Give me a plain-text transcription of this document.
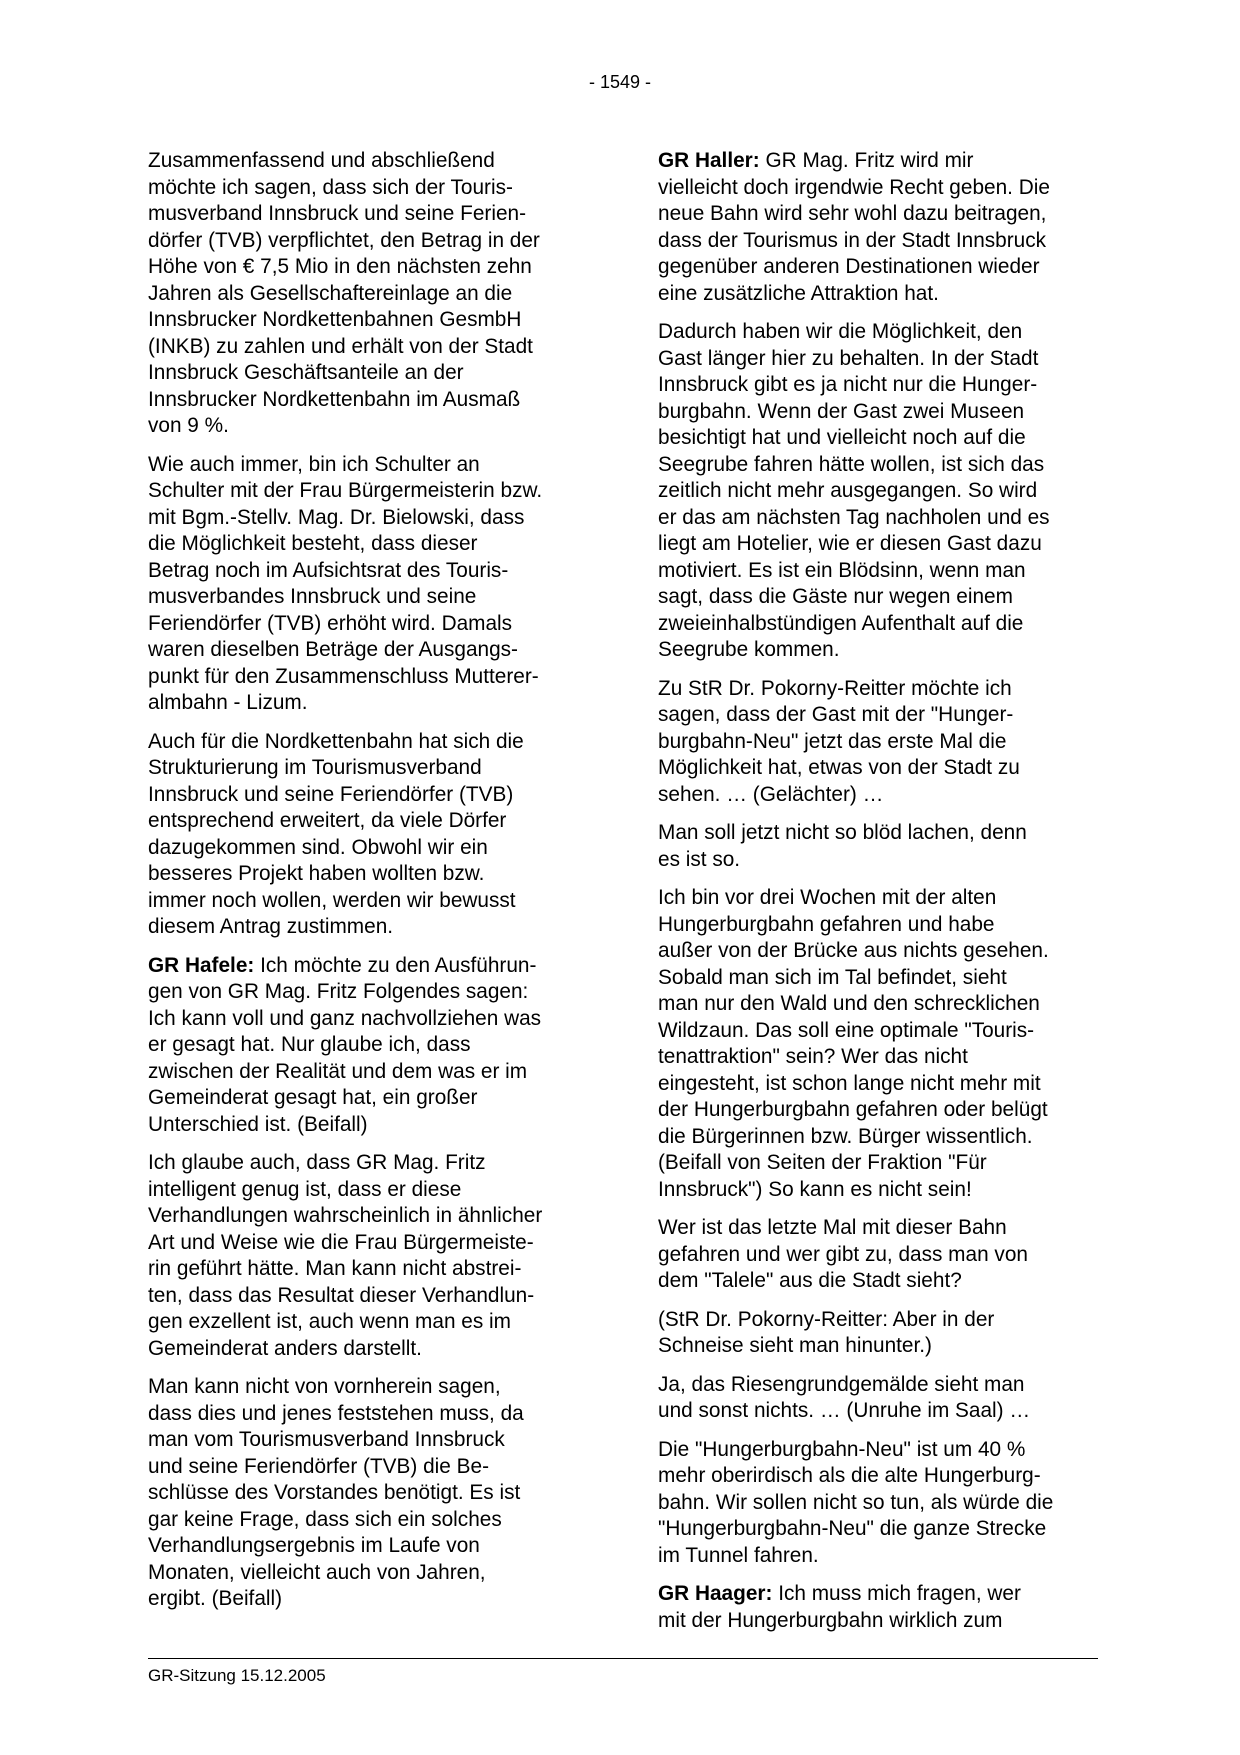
- 1549 -

Zusammenfassend und abschließend
möchte ich sagen, dass sich der Touris-
musverband Innsbruck und seine Ferien-
dörfer (TVB) verpflichtet, den Betrag in der
Höhe von € 7,5 Mio in den nächsten zehn
Jahren als Gesellschaftereinlage an die
Innsbrucker Nordkettenbahnen GesmbH
(INKB) zu zahlen und erhält von der Stadt
Innsbruck Geschäftsanteile an der
Innsbrucker Nordkettenbahn im Ausmaß
von 9 %.

Wie auch immer, bin ich Schulter an
Schulter mit der Frau Bürgermeisterin bzw.
mit Bgm.-Stellv. Mag. Dr. Bielowski, dass
die Möglichkeit besteht, dass dieser
Betrag noch im Aufsichtsrat des Touris-
musverbandes Innsbruck und seine
Feriendörfer (TVB) erhöht wird. Damals
waren dieselben Beträge der Ausgangs-
punkt für den Zusammenschluss Mutterer-
almbahn - Lizum.

Auch für die Nordkettenbahn hat sich die
Strukturierung im Tourismusverband
Innsbruck und seine Feriendörfer (TVB)
entsprechend erweitert, da viele Dörfer
dazugekommen sind. Obwohl wir ein
besseres Projekt haben wollten bzw.
immer noch wollen, werden wir bewusst
diesem Antrag zustimmen.

GR Hafele: Ich möchte zu den Ausführun-
gen von GR Mag. Fritz Folgendes sagen:
Ich kann voll und ganz nachvollziehen was
er gesagt hat. Nur glaube ich, dass
zwischen der Realität und dem was er im
Gemeinderat gesagt hat, ein großer
Unterschied ist. (Beifall)

Ich glaube auch, dass GR Mag. Fritz
intelligent genug ist, dass er diese
Verhandlungen wahrscheinlich in ähnlicher
Art und Weise wie die Frau Bürgermeiste-
rin geführt hätte. Man kann nicht abstrei-
ten, dass das Resultat dieser Verhandlun-
gen exzellent ist, auch wenn man es im
Gemeinderat anders darstellt.

Man kann nicht von vornherein sagen,
dass dies und jenes feststehen muss, da
man vom Tourismusverband Innsbruck
und seine Feriendörfer (TVB) die Be-
schlüsse des Vorstandes benötigt. Es ist
gar keine Frage, dass sich ein solches
Verhandlungsergebnis im Laufe von
Monaten, vielleicht auch von Jahren,
ergibt. (Beifall)

GR Haller: GR Mag. Fritz wird mir
vielleicht doch irgendwie Recht geben. Die
neue Bahn wird sehr wohl dazu beitragen,
dass der Tourismus in der Stadt Innsbruck
gegenüber anderen Destinationen wieder
eine zusätzliche Attraktion hat.

Dadurch haben wir die Möglichkeit, den
Gast länger hier zu behalten. In der Stadt
Innsbruck gibt es ja nicht nur die Hunger-
burgbahn. Wenn der Gast zwei Museen
besichtigt hat und vielleicht noch auf die
Seegrube fahren hätte wollen, ist sich das
zeitlich nicht mehr ausgegangen. So wird
er das am nächsten Tag nachholen und es
liegt am Hotelier, wie er diesen Gast dazu
motiviert. Es ist ein Blödsinn, wenn man
sagt, dass die Gäste nur wegen einem
zweieinhalbstündigen Aufenthalt auf die
Seegrube kommen.

Zu StR Dr. Pokorny-Reitter möchte ich
sagen, dass der Gast mit der "Hunger-
burgbahn-Neu" jetzt das erste Mal die
Möglichkeit hat, etwas von der Stadt zu
sehen. … (Gelächter) …

Man soll jetzt nicht so blöd lachen, denn
es ist so.

Ich bin vor drei Wochen mit der alten
Hungerburgbahn gefahren und habe
außer von der Brücke aus nichts gesehen.
Sobald man sich im Tal befindet, sieht
man nur den Wald und den schrecklichen
Wildzaun. Das soll eine optimale "Touris-
tenattraktion" sein? Wer das nicht
eingesteht, ist schon lange nicht mehr mit
der Hungerburgbahn gefahren oder belügt
die Bürgerinnen bzw. Bürger wissentlich.
(Beifall von Seiten der Fraktion "Für
Innsbruck") So kann es nicht sein!

Wer ist das letzte Mal mit dieser Bahn
gefahren und wer gibt zu, dass man von
dem "Talele" aus die Stadt sieht?

(StR Dr. Pokorny-Reitter: Aber in der
Schneise sieht man hinunter.)

Ja, das Riesengrundgemälde sieht man
und sonst nichts. … (Unruhe im Saal) …

Die "Hungerburgbahn-Neu" ist um 40 %
mehr oberirdisch als die alte Hungerburg-
bahn. Wir sollen nicht so tun, als würde die
"Hungerburgbahn-Neu" die ganze Strecke
im Tunnel fahren.

GR Haager: Ich muss mich fragen, wer
mit der Hungerburgbahn wirklich zum

GR-Sitzung 15.12.2005
